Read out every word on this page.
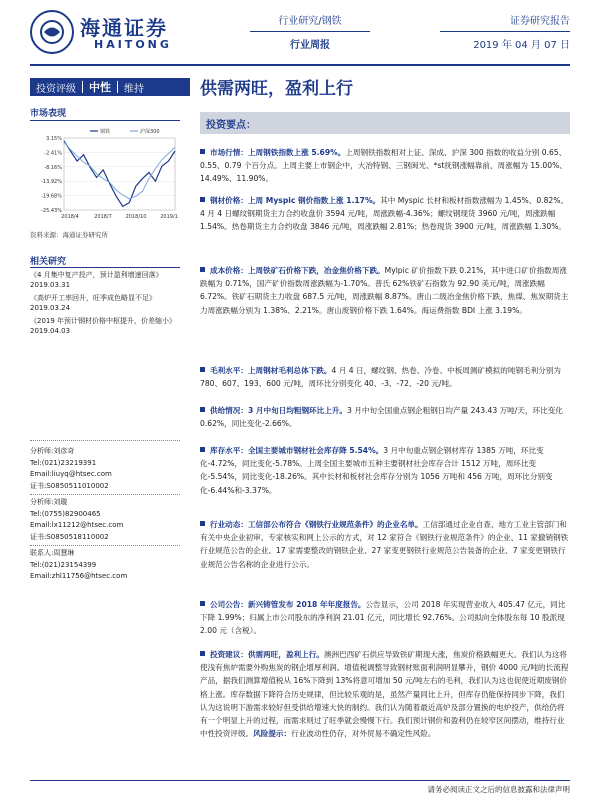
海通证券
HAITONG
行业研究/钢铁
行业周报
证券研究报告
2019 年 04 月 07 日
投资评级	中性	维持	供需两旺，盈利上行
市场表现
3.15%
-2.41%
-8.16%
-13.92%
-19.68%
-25.43%
2018/4	2018/7	2018/10	2019/1
钢铁	沪深300
资料来源：海通证券研究所
相关研究
《4 月集中复产投产，预计盈利增速回落》
2019.03.31
《高炉开工率回升，旺季成色略显不足》
2019.03.24
《2019 年预计钢材价格中枢提升，价差缩小》
2019.04.03
分析师:刘彦奇
Tel:(021)23219391
Email:liuyq@htsec.com
证书:S0850511010002
分析师:刘璇
Tel:(0755)82900465
Email:lx11212@htsec.com
证书:S0850518110002
联系人:周慧琳
Tel:(021)23154399
Email:zhl11756@htsec.com
投资要点：
市场行情：上周钢铁指数上涨 5.69%。上周钢铁指数相对上证、深成、沪深 300 指数的收益分别 0.65、0.55、0.79 个百分点。上周主要上市钢企中，大冶特钢、三钢闽光、*st抚钢涨幅靠前，周涨幅为 15.00%、14.49%、11.90%。
钢材价格：上周 Myspic 钢价指数上涨 1.17%。其中 Myspic 长材和板材指数涨幅为 1.45%、0.82%。4 月 4 日螺纹钢期货主力合约收盘价 3594 元/吨，周涨跌幅-4.36%；螺纹钢现货 3960 元/吨，周涨跌幅 1.54%。热卷期货主力合约收盘 3846 元/吨，周涨跌幅 2.81%；热卷现货 3900 元/吨，周涨跌幅 1.30%。
成本价格：上周铁矿石价格下跌，冶金焦价格下跌。Mylpic 矿价指数下跌 0.21%，其中进口矿价指数周涨跌幅为 0.71%，国产矿价指数周涨跌幅为-1.70%。普氏 62%铁矿石指数为 92.90 美元/吨，周涨跌幅 6.72%。铁矿石期货主力收盘 687.5 元/吨，周涨跌幅 8.87%。唐山二级冶金焦价格下跌，焦煤、焦炭期货主力周涨跌幅分别为 1.38%、2.21%。唐山废钢价格下跌 1.64%。海运费指数 BDI 上涨 3.19%。
毛利水平：上周钢材毛利总体下跌。4 月 4 日，螺纹钢、热卷、冷卷、中板周测矿模拟的吨钢毛利分别为 780、607、193、600 元/吨，周环比分别变化 40、-3、-72、-20 元/吨。
供给情况：3 月中旬日均粗钢环比上升。3 月中旬全国重点钢企粗钢日均产量 243.43 万吨/天，环比变化 0.62%，同比变化-2.66%。
库存水平：全国主要城市钢材社会库存降 5.54%。3 月中旬重点钢企钢材库存 1385 万吨，环比变化-4.72%，同比变化-5.78%。上周全国主要城市五种主要钢材社会库存合计 1512 万吨，周环比变化-5.54%，同比变化-18.26%。其中长材和板材社会库存分别为 1056 万吨和 456 万吨，周环比分别变化-6.44%和-3.37%。
行业动态：工信部公布符合《钢铁行业规范条件》的企业名单。工信部通过企业自查、地方工业主管部门和有关中央企业初审、专家核实和网上公示的方式，对 12 家符合《钢铁行业规范条件》的企业、11 家撤销钢铁行业规范公告的企业、17 家需要整改的钢铁企业、27 家变更钢铁行业规范公告装备的企业、7 家变更钢铁行业规范公告名称的企业进行公示。
公司公告：新兴铸管发布 2018 年年度报告。公告显示，公司 2018 年实现营业收入 405.47 亿元，同比下降 1.99%；归属上市公司股东的净利润 21.01 亿元，同比增长 92.76%。公司拟向全体股东每 10 股派现 2.00 元（含税）。
投资建议：供需两旺，盈利上行。澳洲巴西矿石供应导致铁矿期现大涨，焦炭价格跌幅更大。我们认为这将使浅有焦炉需要外购焦炭的钢企增厚利润。增值税调整导致钢材账面利润明显攀升，钢价 4000 元/吨的长流程产品，据我们测算增值税从 16%下降到 13%将意可增加 50 元/吨左右的毛利，我们认为这也促使近期废钢价格上涨。库存数据下降符合历史规律，但比较乐观的是，虽然产量同比上升，但库存仍能保持同步下降，我们认为这说明下游需求较好但受供给增速大快的制约。我们认为随着最近高炉及部分置换的电炉投产，供给仍将有一个明显上升的过程，而需求则过了旺季就会慢慢下行。我们预计钢价和盈利仍在较窄区间摆动，维持行业中性投资评级。风险提示：行业波动性仍存，对外贸易不确定性风险。
请务必阅读正文之后的信息披露和法律声明
